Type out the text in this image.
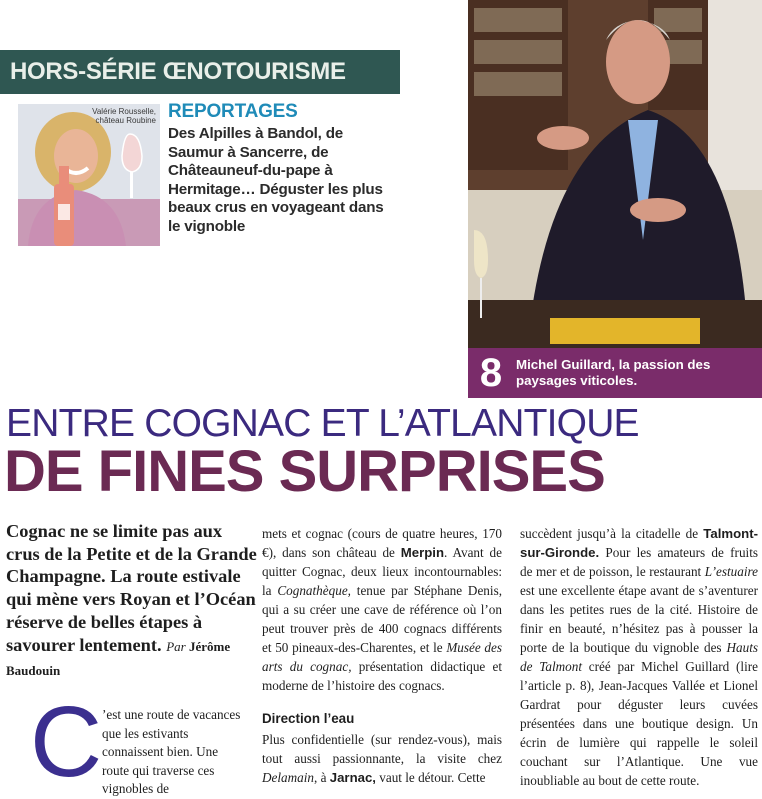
HORS-SÉRIE ŒNOTOURISME
Valérie Rousselle,
château Roubine REPORTAGES
Des Alpilles à Bandol, de Saumur à Sancerre, de Châteauneuf-du-pape à Hermitage… Déguster les plus beaux crus en voyageant dans le vignoble
8	Michel Guillard, la passion des paysages viticoles.
ENTRE COGNAC ET L’ATLANTIQUE
DE FINES SURPRISES
Cognac ne se limite pas aux crus de la Petite et de la Grande Champagne. La route estivale qui mène vers Royan et l’Océan réserve de belles étapes à savourer lentement. Par Jérôme Baudouin
C ’est une route de vacances que les estivants connaissent bien. Une route qui traverse ces vignobles de

mets et cognac (cours de quatre heures, 170 €), dans son château de Merpin. Avant de quitter Cognac, deux lieux incontournables: la Cognathèque, tenue par Stéphane Denis, qui a su créer une cave de référence où l’on peut trouver près de 400 cognacs différents et 50 pineaux-des-Charentes, et le Musée des arts du cognac, présentation didactique et moderne de l’histoire des cognacs.

Direction l’eau

Plus confidentielle (sur rendez-vous), mais tout aussi passionnante, la visite chez Delamain, à Jarnac, vaut le détour. Cette

succèdent jusqu’à la citadelle de Talmont-sur-Gironde. Pour les amateurs de fruits de mer et de poisson, le restaurant L’estuaire est une excellente étape avant de s’aventurer dans les petites rues de la cité. Histoire de finir en beauté, n’hésitez pas à pousser la porte de la boutique du vignoble des Hauts de Talmont créé par Michel Guillard (lire l’article p. 8), Jean-Jacques Vallée et Lionel Gardrat pour déguster leurs cuvées présentées dans une boutique design. Un écrin de lumière qui rappelle le soleil couchant sur l’Atlantique. Une vue inoubliable au bout de cette route.
